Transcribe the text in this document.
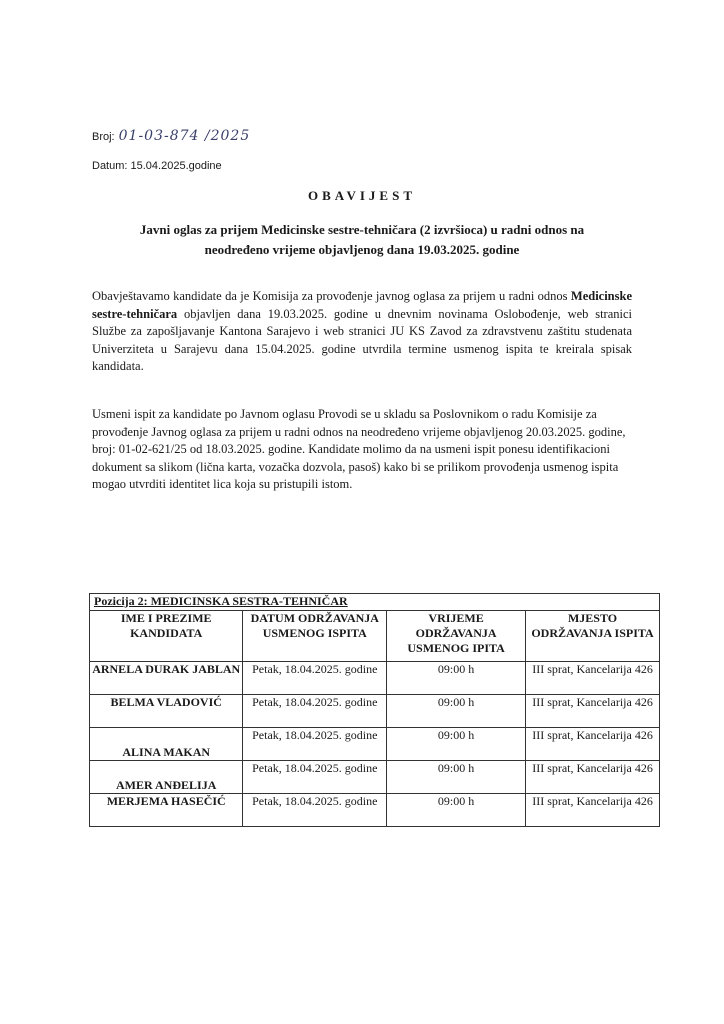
Broj: 01-03-874 /2025
Datum: 15.04.2025.godine
OBAVIJEST
Javni oglas za prijem Medicinske sestre-tehničara (2 izvršioca) u radni odnos na neodređeno vrijeme objavljenog dana 19.03.2025. godine

Obavještavamo kandidate da je Komisija za provođenje javnog oglasa za prijem u radni odnos Medicinske sestre-tehničara objavljen dana 19.03.2025. godine u dnevnim novinama Oslobođenje, web stranici Službe za zapošljavanje Kantona Sarajevo i web stranici JU KS Zavod za zdravstvenu zaštitu studenata Univerziteta u Sarajevu dana 15.04.2025. godine utvrdila termine usmenog ispita te kreirala spisak kandidata.

Usmeni ispit za kandidate po Javnom oglasu Provodi se u skladu sa Poslovnikom o radu Komisije za provođenje Javnog oglasa za prijem u radni odnos na neodređeno vrijeme objavljenog 20.03.2025. godine, broj: 01-02-621/25 od 18.03.2025. godine. Kandidate molimo da na usmeni ispit ponesu identifikacioni dokument sa slikom (lična karta, vozačka dozvola, pasoš) kako bi se prilikom provođenja usmenog ispita mogao utvrditi identitet lica koja su pristupili istom.

Pozicija 2: MEDICINSKA SESTRA-TEHNIČAR			
IME I PREZIME KANDIDATA	DATUM ODRŽAVANJA USMENOG ISPITA	VRIJEME ODRŽAVANJA USMENOG IPITA	MJESTO ODRŽAVANJA ISPITA
ARNELA DURAK JABLAN	Petak, 18.04.2025. godine	09:00 h	III sprat, Kancelarija 426
BELMA VLADOVIĆ	Petak, 18.04.2025. godine	09:00 h	III sprat, Kancelarija 426
ALINA MAKAN	Petak, 18.04.2025. godine	09:00 h	III sprat, Kancelarija 426
AMER ANĐELIJA	Petak, 18.04.2025. godine	09:00 h	III sprat, Kancelarija 426
MERJEMA HASEČIĆ	Petak, 18.04.2025. godine	09:00 h	III sprat, Kancelarija 426
